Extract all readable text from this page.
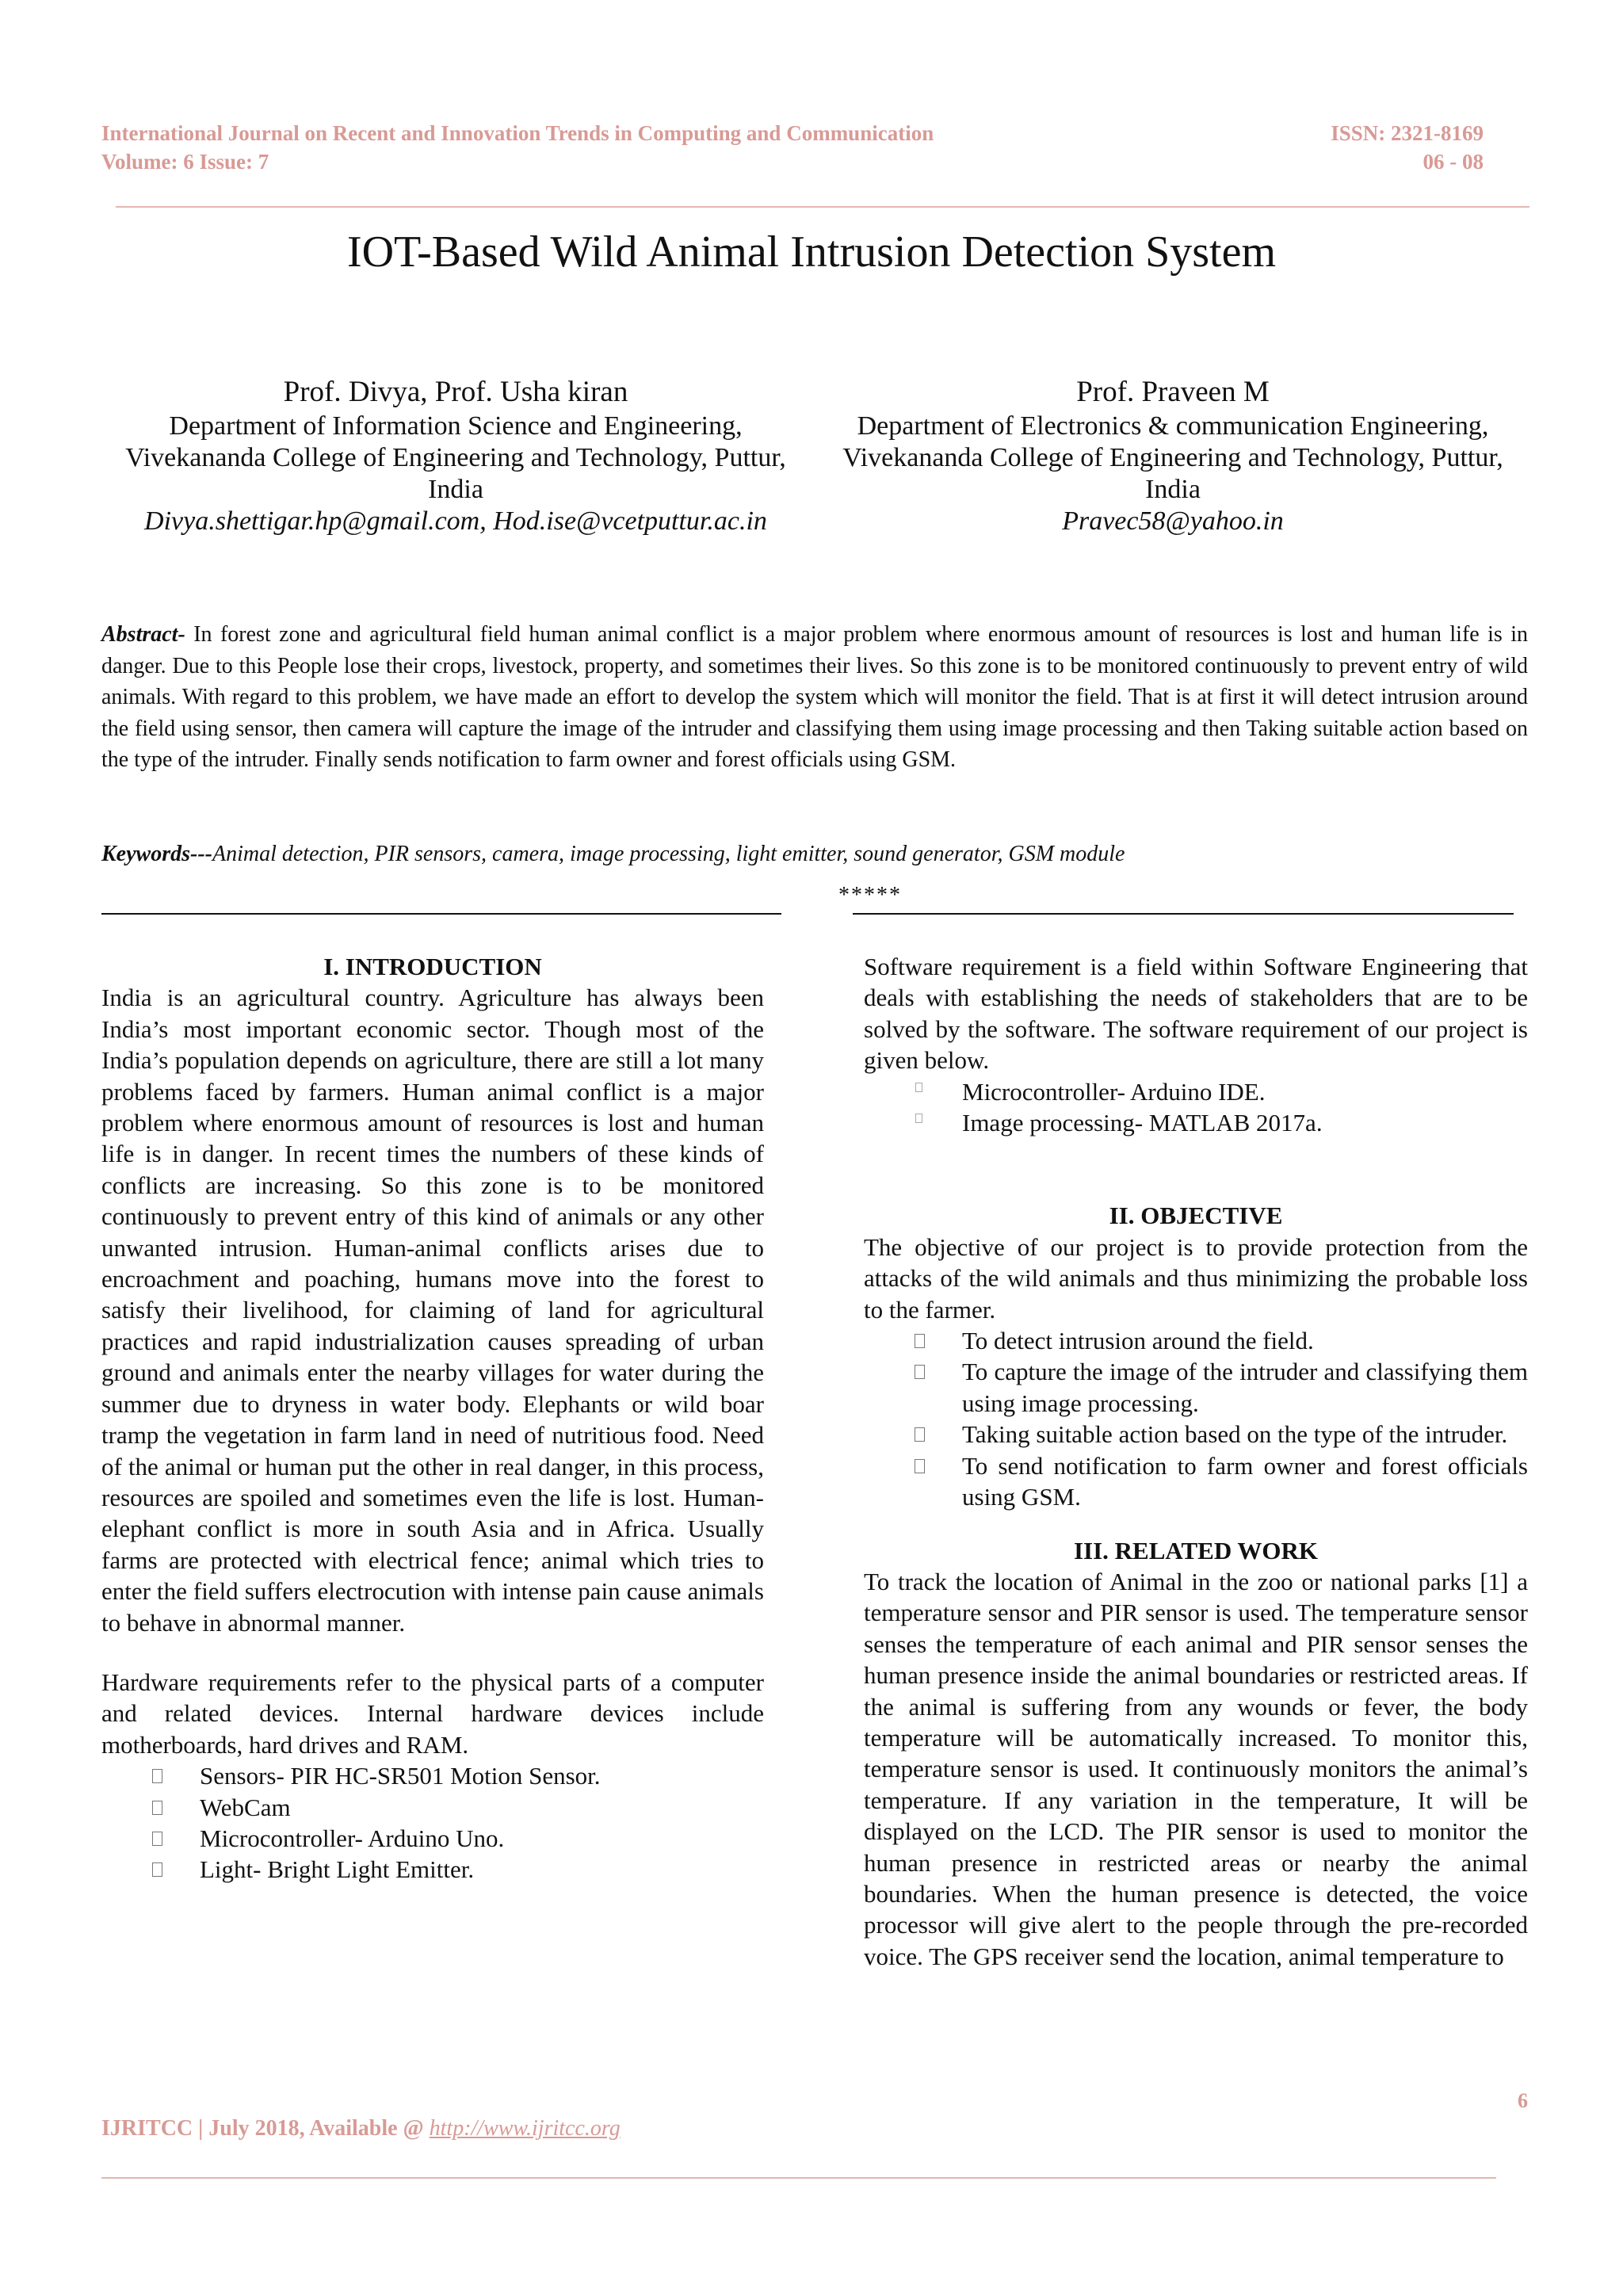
International Journal on Recent and Innovation Trends in Computing and Communication
Volume: 6 Issue: 7
ISSN: 2321-8169
06 - 08
IOT-Based Wild Animal Intrusion Detection System
Prof. Divya, Prof. Usha kiran
Department of Information Science and Engineering,
Vivekananda College of Engineering and Technology, Puttur,
India
Divya.shettigar.hp@gmail.com, Hod.ise@vcetputtur.ac.in
Prof. Praveen M
Department of Electronics & communication Engineering,
Vivekananda College of Engineering and Technology, Puttur,
India
Pravec58@yahoo.in
Abstract- In forest zone and agricultural field human animal conflict is a major problem where enormous amount of resources is lost and human life is in danger. Due to this People lose their crops, livestock, property, and sometimes their lives. So this zone is to be monitored continuously to prevent entry of wild animals. With regard to this problem, we have made an effort to develop the system which will monitor the field. That is at first it will detect intrusion around the field using sensor, then camera will capture the image of the intruder and classifying them using image processing and then Taking suitable action based on the type of the intruder. Finally sends notification to farm owner and forest officials using GSM.
Keywords---Animal detection, PIR sensors, camera, image processing, light emitter, sound generator, GSM module
*****
I. INTRODUCTION

India is an agricultural country. Agriculture has always been India’s most important economic sector. Though most of the India’s population depends on agriculture, there are still a lot many problems faced by farmers. Human animal conflict is a major problem where enormous amount of resources is lost and human life is in danger. In recent times the numbers of these kinds of conflicts are increasing. So this zone is to be monitored continuously to prevent entry of this kind of animals or any other unwanted intrusion. Human-animal conflicts arises due to encroachment and poaching, humans move into the forest to satisfy their livelihood, for claiming of land for agricultural practices and rapid industrialization causes spreading of urban ground and animals enter the nearby villages for water during the summer due to dryness in water body. Elephants or wild boar tramp the vegetation in farm land in need of nutritious food. Need of the animal or human put the other in real danger, in this process, resources are spoiled and sometimes even the life is lost. Human-elephant conflict is more in south Asia and in Africa. Usually farms are protected with electrical fence; animal which tries to enter the field suffers electrocution with intense pain cause animals to behave in abnormal manner.

Hardware requirements refer to the physical parts of a computer and related devices. Internal hardware devices include motherboards, hard drives and RAM.

Sensors- PIR HC-SR501 Motion Sensor.
WebCam
Microcontroller- Arduino Uno.
Light- Bright Light Emitter.

Software requirement is a field within Software Engineering that deals with establishing the needs of stakeholders that are to be solved by the software. The software requirement of our project is given below.

Microcontroller- Arduino IDE.
Image processing- MATLAB 2017a.
II. OBJECTIVE

The objective of our project is to provide protection from the attacks of the wild animals and thus minimizing the probable loss to the farmer.

To detect intrusion around the field.
To capture the image of the intruder and classifying them using image processing.
Taking suitable action based on the type of the intruder.
To send notification to farm owner and forest officials using GSM.
III. RELATED WORK

To track the location of Animal in the zoo or national parks [1] a temperature sensor and PIR sensor is used. The temperature sensor senses the temperature of each animal and PIR sensor senses the human presence inside the animal boundaries or restricted areas. If the animal is suffering from any wounds or fever, the body temperature will be automatically increased. To monitor this, temperature sensor is used. It continuously monitors the animal’s temperature. If any variation in the temperature, It will be displayed on the LCD. The PIR sensor is used to monitor the human presence in restricted areas or nearby the animal boundaries. When the human presence is detected, the voice processor will give alert to the people through the pre-recorded voice. The GPS receiver send the location, animal temperature to

6
IJRITCC | July 2018, Available @ http://www.ijritcc.org
